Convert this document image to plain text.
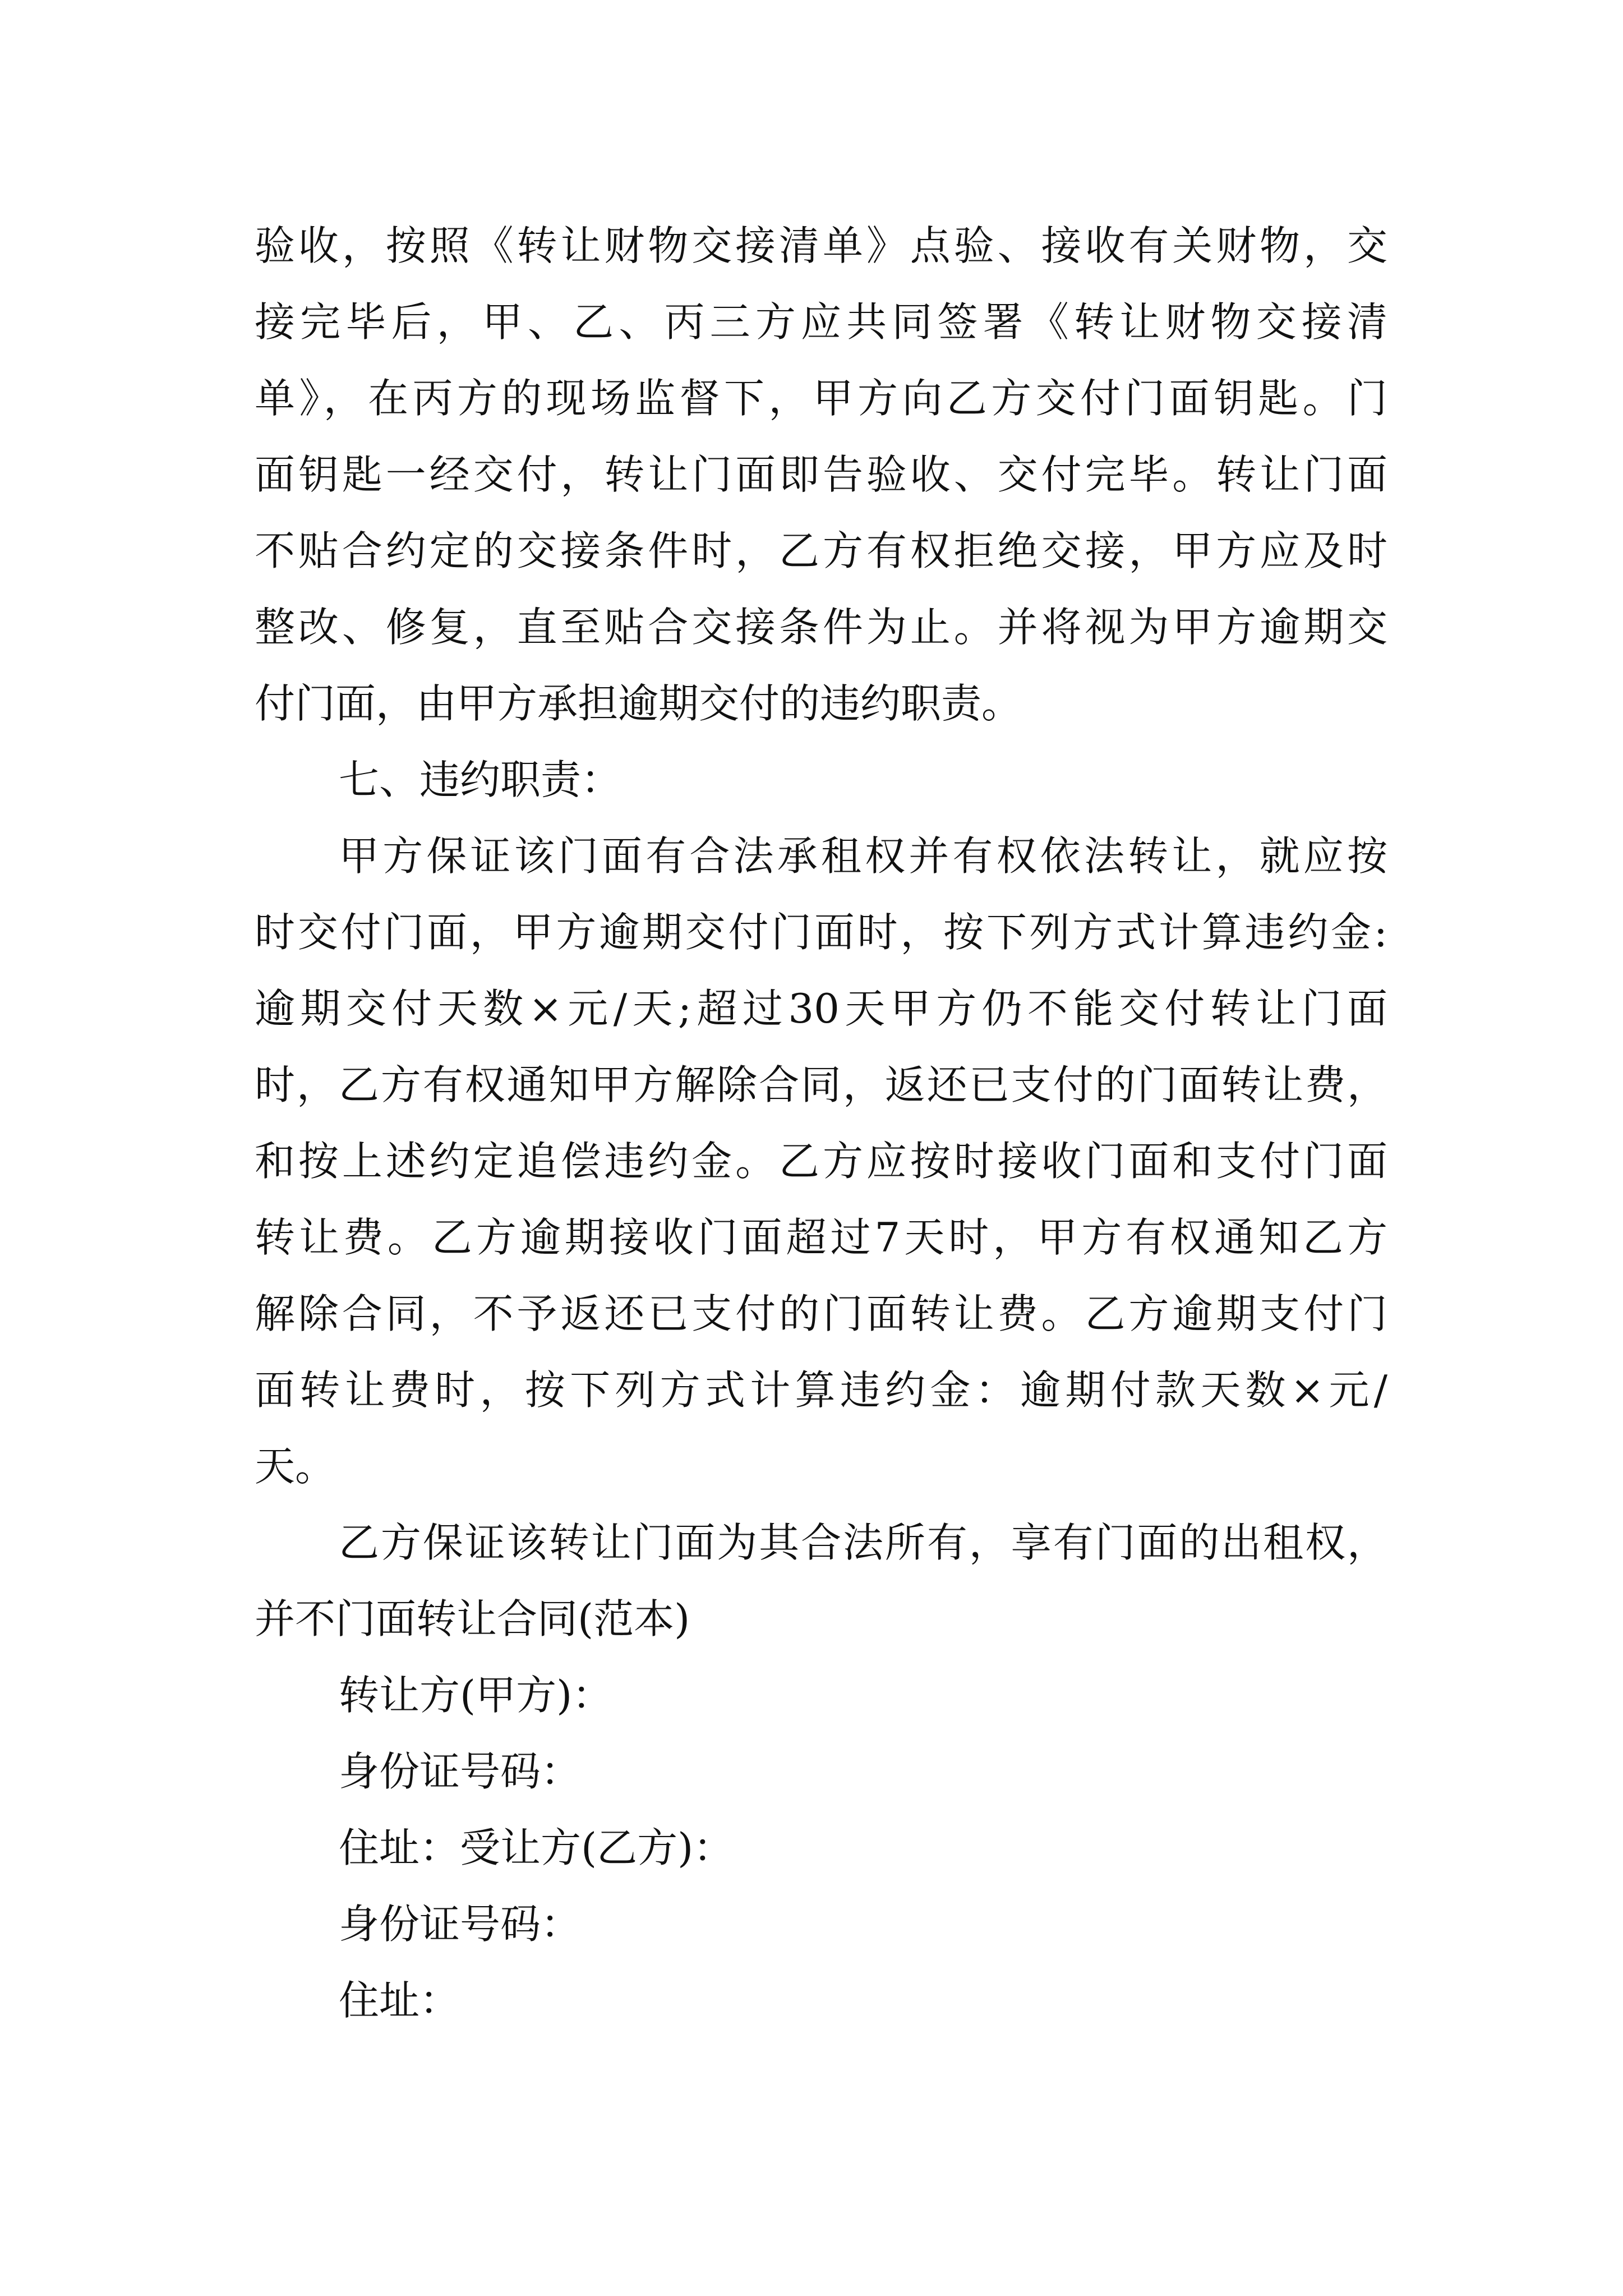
验收，按照《转让财物交接清单》点验、接收有关财物，交
接完毕后，甲、乙、丙三方应共同签署《转让财物交接清
单》，在丙方的现场监督下，甲方向乙方交付门面钥匙。门
面钥匙一经交付，转让门面即告验收、交付完毕。转让门面
不贴合约定的交接条件时，乙方有权拒绝交接，甲方应及时
整改、修复，直至贴合交接条件为止。并将视为甲方逾期交
付门面，由甲方承担逾期交付的违约职责。
七、违约职责：
甲方保证该门面有合法承租权并有权依法转让，就应按
时交付门面，甲方逾期交付门面时，按下列方式计算违约金:
逾期交付天数×元/天;超过30天甲方仍不能交付转让门面
时，乙方有权通知甲方解除合同，返还已支付的门面转让费，
和按上述约定追偿违约金。乙方应按时接收门面和支付门面
转让费。乙方逾期接收门面超过7天时，甲方有权通知乙方
解除合同，不予返还已支付的门面转让费。乙方逾期支付门
面转让费时，按下列方式计算违约金：逾期付款天数×元/
天。
乙方保证该转让门面为其合法所有，享有门面的出租权，
并不门面转让合同(范本)
转让方(甲方)：
身份证号码：
住址：受让方(乙方)：
身份证号码：
住址：
